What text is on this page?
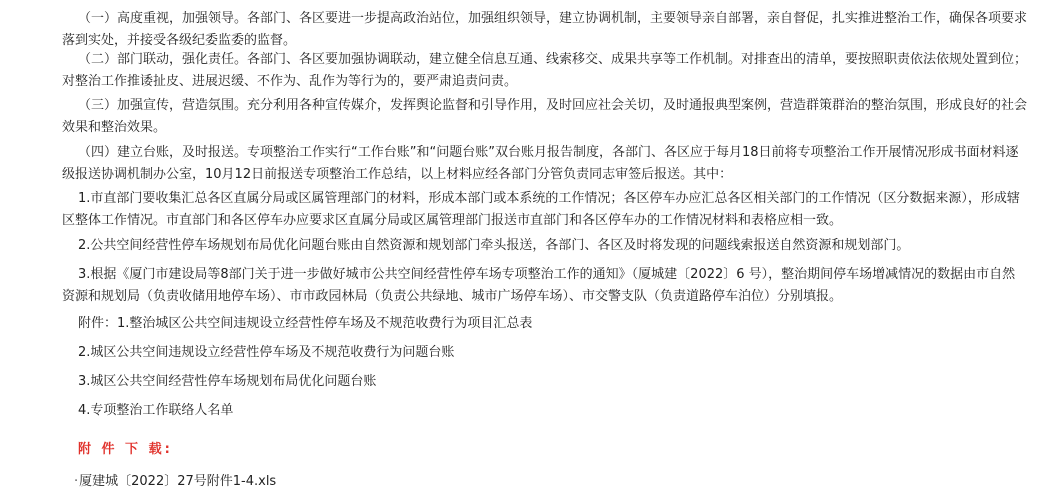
（一）高度重视，加强领导。各部门、各区要进一步提高政治站位，加强组织领导，建立协调机制，主要领导亲自部署，亲自督促，扎实推进整治工作，确保各项要求落到实处，并接受各级纪委监委的监督。

（二）部门联动，强化责任。各部门、各区要加强协调联动，建立健全信息互通、线索移交、成果共享等工作机制。对排查出的清单，要按照职责依法依规处置到位；对整治工作推诿扯皮、进展迟缓、不作为、乱作为等行为的，要严肃追责问责。

（三）加强宣传，营造氛围。充分利用各种宣传媒介，发挥舆论监督和引导作用，及时回应社会关切，及时通报典型案例，营造群策群治的整治氛围，形成良好的社会效果和整治效果。

（四）建立台账，及时报送。专项整治工作实行“工作台账”和“问题台账”双台账月报告制度，各部门、各区应于每月18日前将专项整治工作开展情况形成书面材料逐级报送协调机制办公室，10月12日前报送专项整治工作总结，以上材料应经各部门分管负责同志审签后报送。其中：

1.市直部门要收集汇总各区直属分局或区属管理部门的材料，形成本部门或本系统的工作情况；各区停车办应汇总各区相关部门的工作情况（区分数据来源），形成辖区整体工作情况。市直部门和各区停车办应要求区直属分局或区属管理部门报送市直部门和各区停车办的工作情况材料和表格应相一致。

2.公共空间经营性停车场规划布局优化问题台账由自然资源和规划部门牵头报送，各部门、各区及时将发现的问题线索报送自然资源和规划部门。

3.根据《厦门市建设局等8部门关于进一步做好城市公共空间经营性停车场专项整治工作的通知》（厦城建〔2022〕6 号），整治期间停车场增减情况的数据由市自然资源和规划局（负责收储用地停车场）、市市政园林局（负责公共绿地、城市广场停车场）、市交警支队（负责道路停车泊位）分别填报。

附件：1.整治城区公共空间违规设立经营性停车场及不规范收费行为项目汇总表

2.城区公共空间违规设立经营性停车场及不规范收费行为问题台账

3.城区公共空间经营性停车场规划布局优化问题台账

4.专项整治工作联络人名单

附 件 下 载:
·厦建城〔2022〕27号附件1-4.xls
